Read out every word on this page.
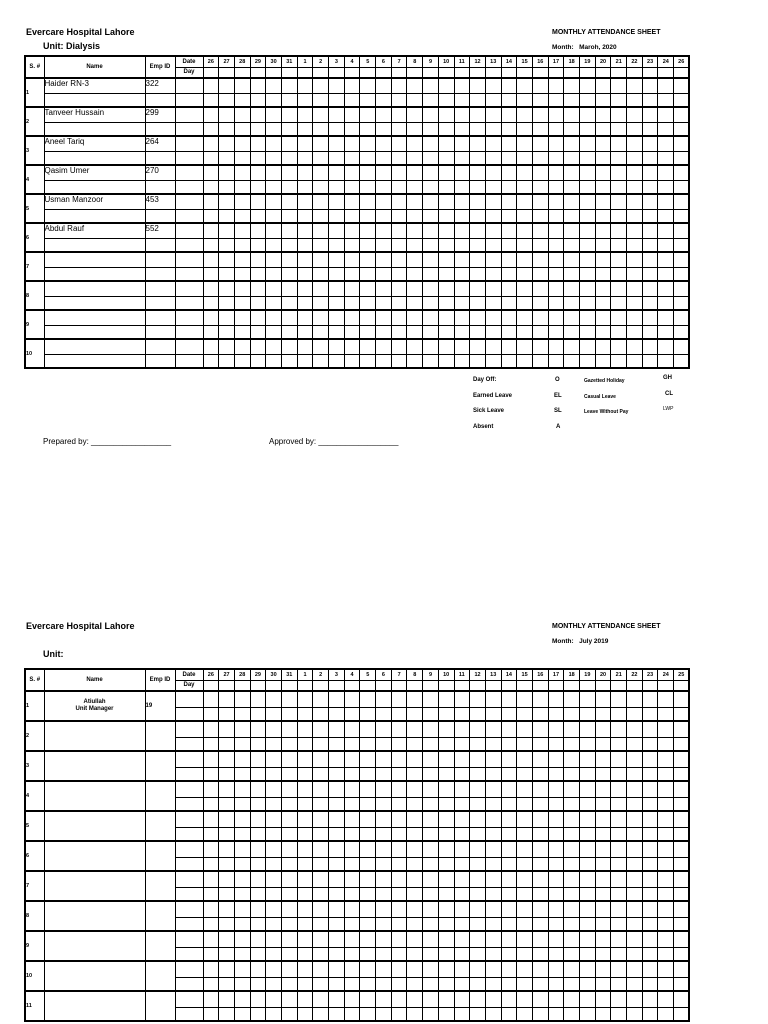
Evercare Hospital Lahore
Unit: Dialysis
MONTHLY ATTENDANCE SHEET
Month: Maroh, 2020
S. #	Name	Emp ID	Date	26	27	28	29	30	31	1	2	3	4	5	6	7	8	9	10	11	12	13	14	15	16	17	18	19	20	21	22	23	24	26
			Day																															
1	Haider RN-3	322																																

2	Tanveer Hussain	299																																

3	Aneel Tariq	264																																

4	Qasim Umer	270																																

5	Usman Manzoor	453																																

6	Abdul Rauf	552																																

7																																		

8																																		

9																																		

10																																		

Day Off:	O
Earned Leave	EL
Sick Leave	SL
Absent	A
Gazetted Holiday	GH
Casual Leave	CL
Leave Without Pay	LWP
Prepared by: __________________	Approved by: __________________
Evercare Hospital Lahore
Unit:
MONTHLY ATTENDANCE SHEET
Month: July 2019
S. #	Name	Emp ID	Date	26	27	28	29	30	31	1	2	3	4	5	6	7	8	9	10	11	12	13	14	15	16	17	18	19	20	21	22	23	24	25
			Day																															
1	Atiullah
Unit Manager	19																																

2																																		

3																																		

4																																		

5																																		

6																																		

7																																		

8																																		

9																																		

10																																		

11																																		
